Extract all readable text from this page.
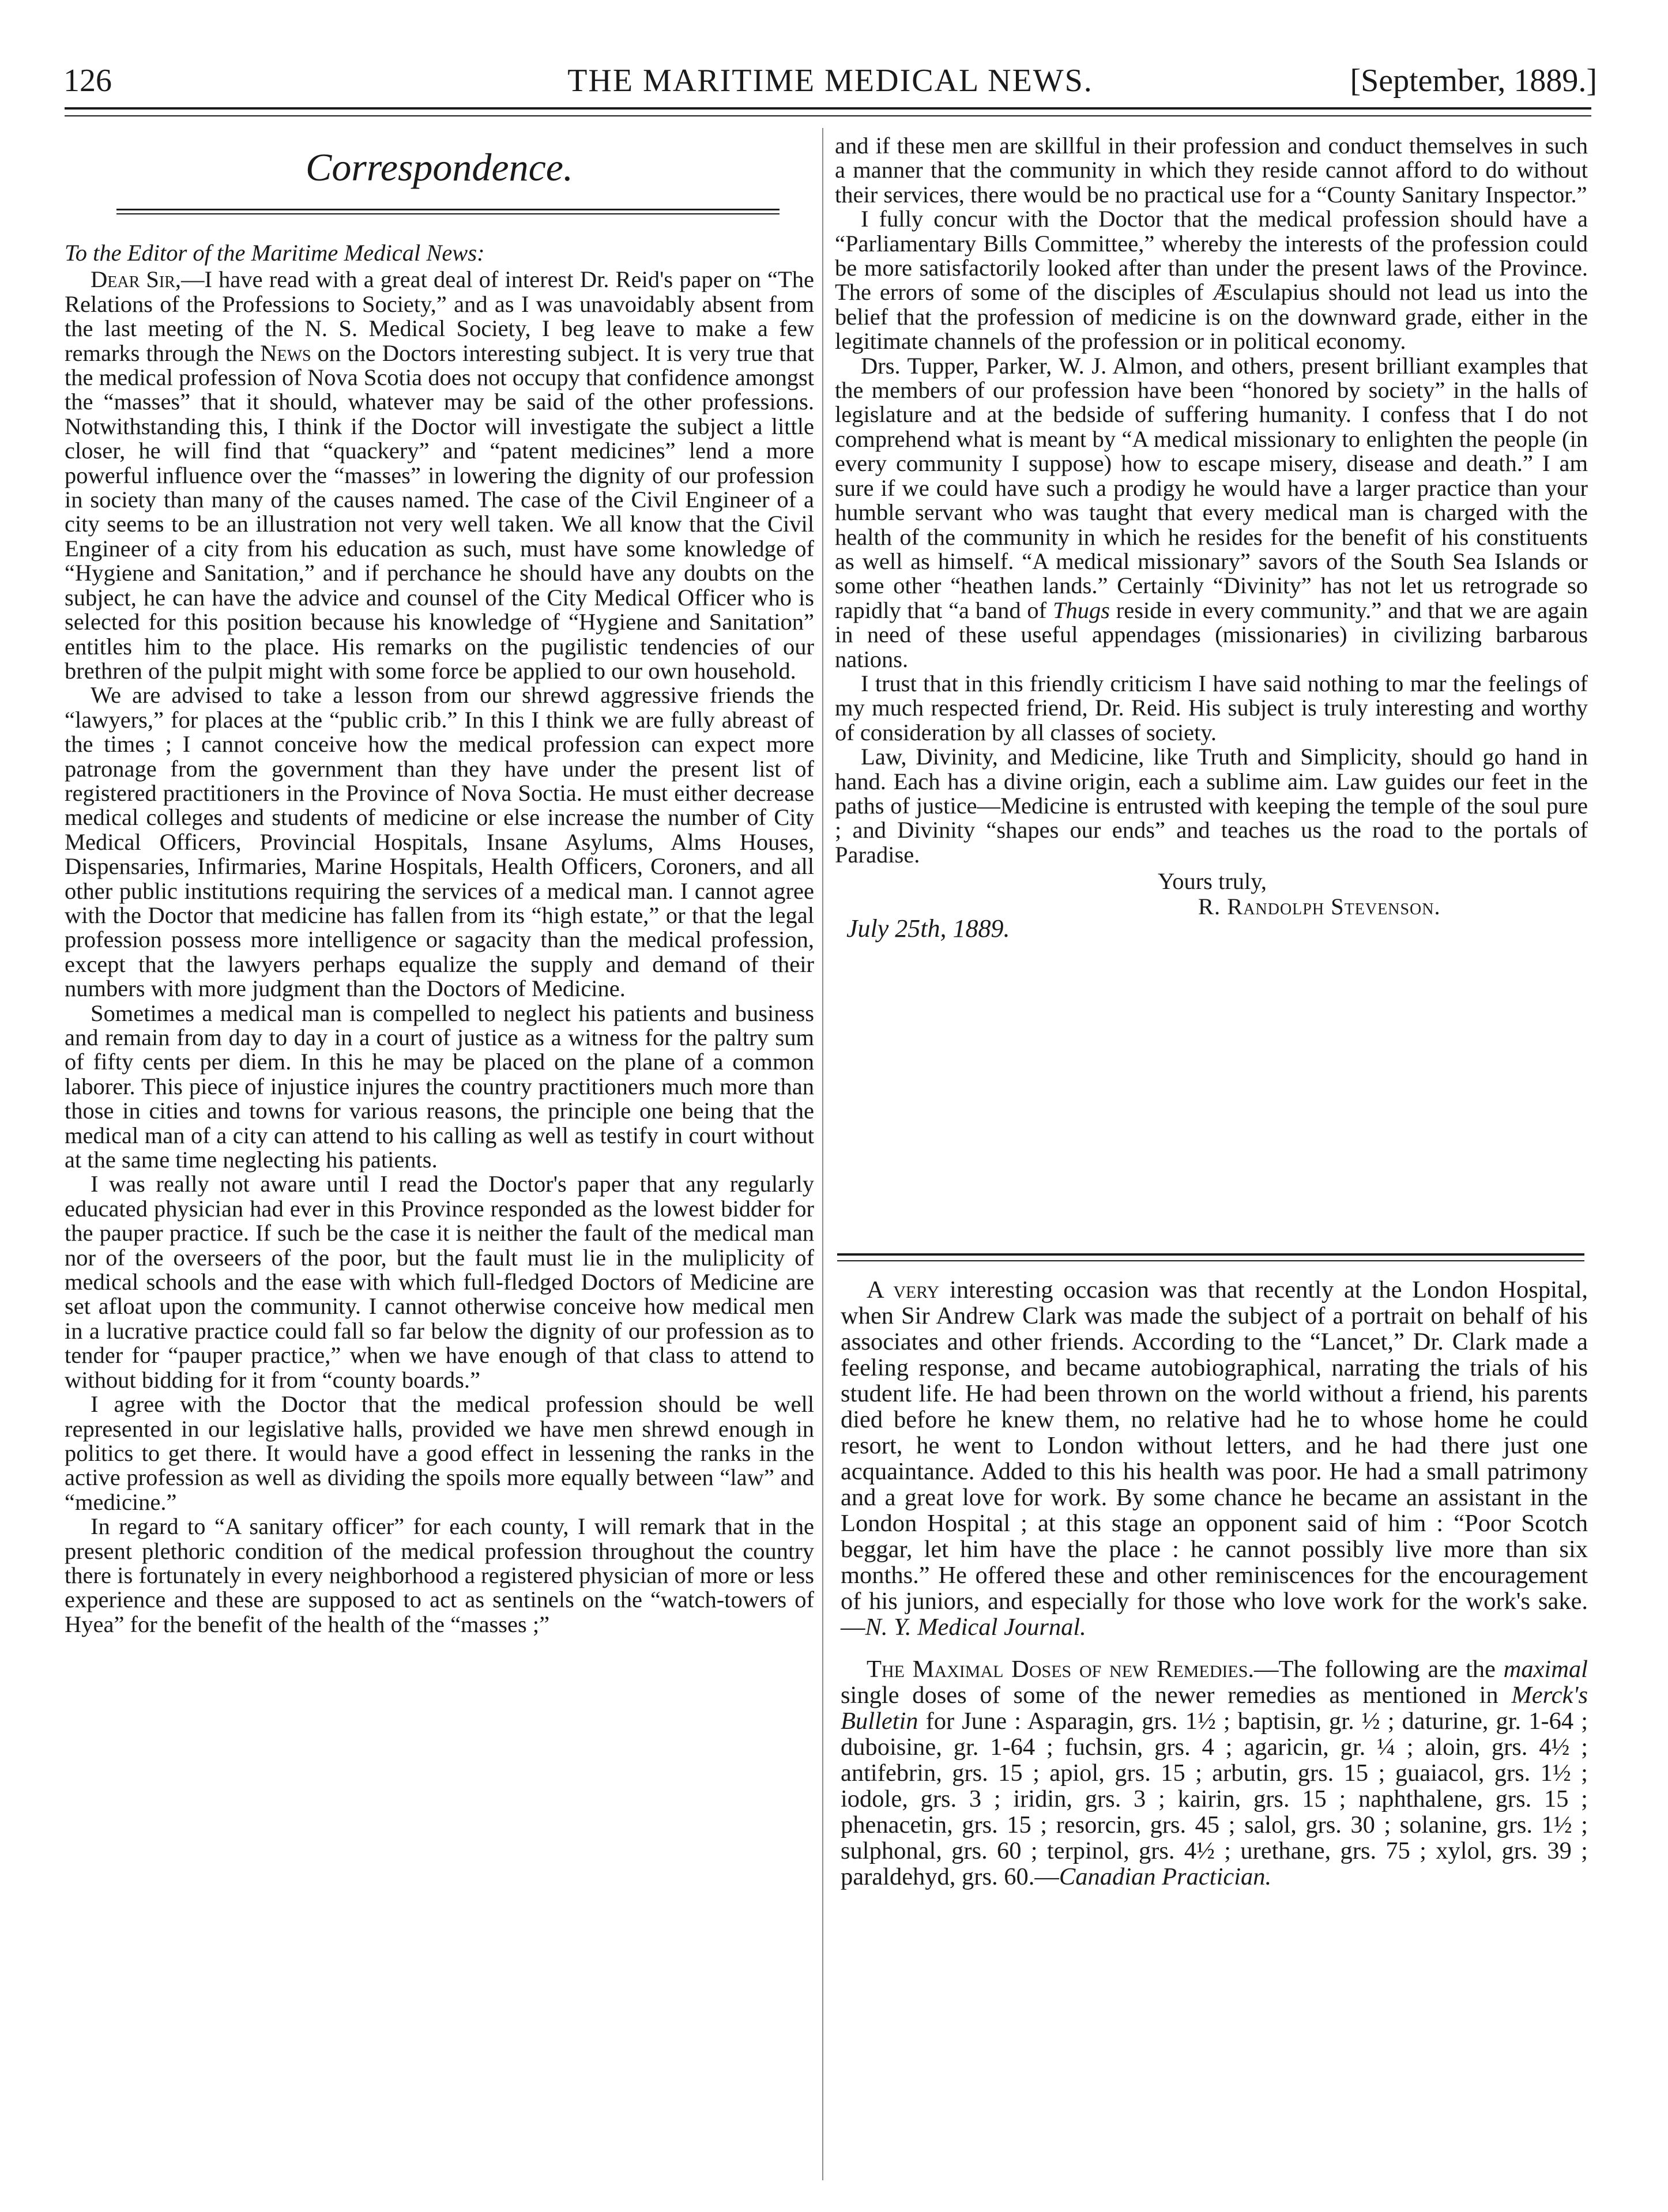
126	THE MARITIME MEDICAL NEWS.	[September, 1889.]
Correspondence.

To the Editor of the Maritime Medical News:

Dear Sir,—I have read with a great deal of interest Dr. Reid's paper on “The Relations of the Professions to Society,” and as I was unavoidably absent from the last meeting of the N. S. Medical Society, I beg leave to make a few remarks through the News on the Doctors interesting subject. It is very true that the medical profession of Nova Scotia does not occupy that confidence amongst the “masses” that it should, whatever may be said of the other professions. Notwithstanding this, I think if the Doctor will investigate the subject a little closer, he will find that “quackery” and “patent medicines” lend a more powerful influence over the “masses” in lowering the dignity of our profession in society than many of the causes named. The case of the Civil Engineer of a city seems to be an illustration not very well taken. We all know that the Civil Engineer of a city from his education as such, must have some knowledge of “Hygiene and Sanitation,” and if perchance he should have any doubts on the subject, he can have the advice and counsel of the City Medical Officer who is selected for this position because his knowledge of “Hygiene and Sanitation” entitles him to the place. His remarks on the pugilistic tendencies of our brethren of the pulpit might with some force be applied to our own household.

We are advised to take a lesson from our shrewd aggressive friends the “lawyers,” for places at the “public crib.” In this I think we are fully abreast of the times ; I cannot conceive how the medical profession can expect more patronage from the government than they have under the present list of registered practitioners in the Province of Nova Soctia. He must either decrease medical colleges and students of medicine or else increase the number of City Medical Officers, Provincial Hospitals, Insane Asylums, Alms Houses, Dispensaries, Infirmaries, Marine Hospitals, Health Officers, Coroners, and all other public institutions requiring the services of a medical man. I cannot agree with the Doctor that medicine has fallen from its “high estate,” or that the legal profession possess more intelligence or sagacity than the medical profession, except that the lawyers perhaps equalize the supply and demand of their numbers with more judgment than the Doctors of Medicine.

Sometimes a medical man is compelled to neglect his patients and business and remain from day to day in a court of justice as a witness for the paltry sum of fifty cents per diem. In this he may be placed on the plane of a common laborer. This piece of injustice injures the country practitioners much more than those in cities and towns for various reasons, the principle one being that the medical man of a city can attend to his calling as well as testify in court without at the same time neglecting his patients.

I was really not aware until I read the Doctor's paper that any regularly educated physician had ever in this Province responded as the lowest bidder for the pauper practice. If such be the case it is neither the fault of the medical man nor of the overseers of the poor, but the fault must lie in the muliplicity of medical schools and the ease with which full-fledged Doctors of Medicine are set afloat upon the community. I cannot otherwise conceive how medical men in a lucrative practice could fall so far below the dignity of our profession as to tender for “pauper practice,” when we have enough of that class to attend to without bidding for it from “county boards.”

I agree with the Doctor that the medical profession should be well represented in our legislative halls, provided we have men shrewd enough in politics to get there. It would have a good effect in lessening the ranks in the active profession as well as dividing the spoils more equally between “law” and “medicine.”

In regard to “A sanitary officer” for each county, I will remark that in the present plethoric condition of the medical profession throughout the country there is fortunately in every neighborhood a registered physician of more or less experience and these are supposed to act as sentinels on the “watch-towers of Hyea” for the benefit of the health of the “masses ;”

and if these men are skillful in their profession and conduct themselves in such a manner that the community in which they reside cannot afford to do without their services, there would be no practical use for a “County Sanitary Inspector.”

I fully concur with the Doctor that the medical profession should have a “Parliamentary Bills Committee,” whereby the interests of the profession could be more satisfactorily looked after than under the present laws of the Province. The errors of some of the disciples of Æsculapius should not lead us into the belief that the profession of medicine is on the downward grade, either in the legitimate channels of the profession or in political economy.

Drs. Tupper, Parker, W. J. Almon, and others, present brilliant examples that the members of our profession have been “honored by society” in the halls of legislature and at the bedside of suffering humanity. I confess that I do not comprehend what is meant by “A medical missionary to enlighten the people (in every community I suppose) how to escape misery, disease and death.” I am sure if we could have such a prodigy he would have a larger practice than your humble servant who was taught that every medical man is charged with the health of the community in which he resides for the benefit of his constituents as well as himself. “A medical missionary” savors of the South Sea Islands or some other “heathen lands.” Certainly “Divinity” has not let us retrograde so rapidly that “a band of Thugs reside in every community.” and that we are again in need of these useful appendages (missionaries) in civilizing barbarous nations.

I trust that in this friendly criticism I have said nothing to mar the feelings of my much respected friend, Dr. Reid. His subject is truly interesting and worthy of consideration by all classes of society.

Law, Divinity, and Medicine, like Truth and Simplicity, should go hand in hand. Each has a divine origin, each a sublime aim. Law guides our feet in the paths of justice—Medicine is entrusted with keeping the temple of the soul pure ; and Divinity “shapes our ends” and teaches us the road to the portals of Paradise.

Yours truly,
R. Randolph Stevenson.
July 25th, 1889.

A very interesting occasion was that recently at the London Hospital, when Sir Andrew Clark was made the subject of a portrait on behalf of his associates and other friends. According to the “Lancet,” Dr. Clark made a feeling response, and became autobiographical, narrating the trials of his student life. He had been thrown on the world without a friend, his parents died before he knew them, no relative had he to whose home he could resort, he went to London without letters, and he had there just one acquaintance. Added to this his health was poor. He had a small patrimony and a great love for work. By some chance he became an assistant in the London Hospital ; at this stage an opponent said of him : “Poor Scotch beggar, let him have the place : he cannot possibly live more than six months.” He offered these and other reminiscences for the encouragement of his juniors, and especially for those who love work for the work's sake.—N. Y. Medical Journal.

The Maximal Doses of new Remedies.—The following are the maximal single doses of some of the newer remedies as mentioned in Merck's Bulletin for June : Asparagin, grs. 1½ ; baptisin, gr. ½ ; daturine, gr. 1-64 ; duboisine, gr. 1-64 ; fuchsin, grs. 4 ; agaricin, gr. ¼ ; aloin, grs. 4½ ; antifebrin, grs. 15 ; apiol, grs. 15 ; arbutin, grs. 15 ; guaiacol, grs. 1½ ; iodole, grs. 3 ; iridin, grs. 3 ; kairin, grs. 15 ; naphthalene, grs. 15 ; phenacetin, grs. 15 ; resorcin, grs. 45 ; salol, grs. 30 ; solanine, grs. 1½ ; sulphonal, grs. 60 ; terpinol, grs. 4½ ; urethane, grs. 75 ; xylol, grs. 39 ; paraldehyd, grs. 60.—Canadian Practician.
